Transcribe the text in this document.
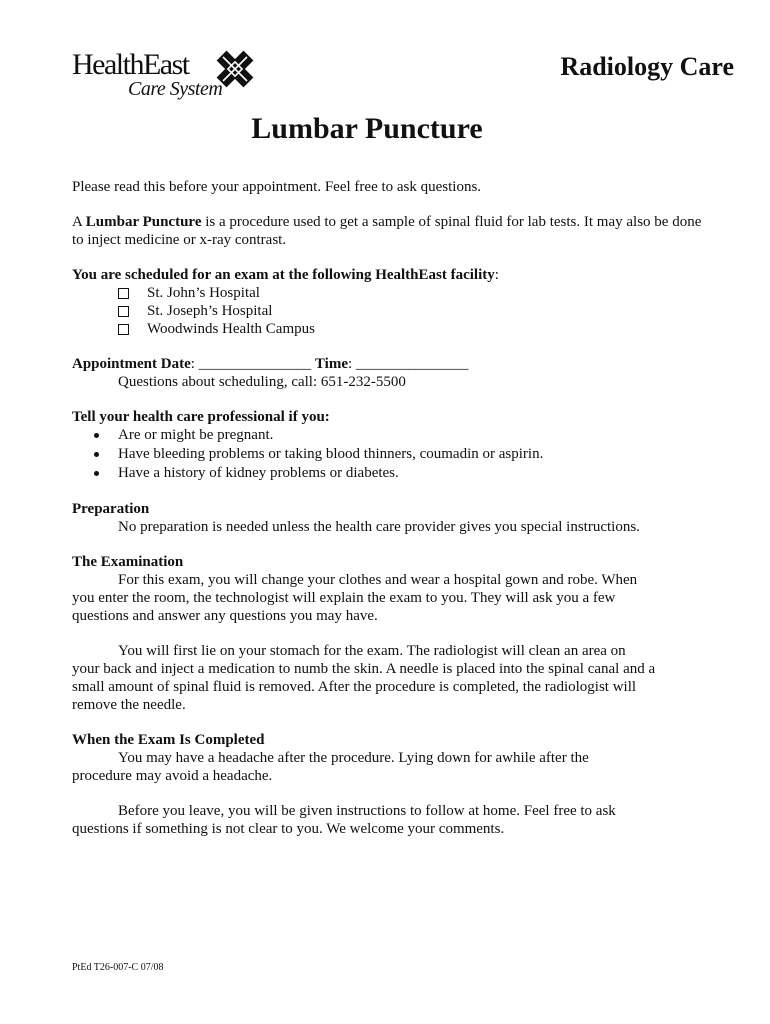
HealthEast
Care System
Radiology Care
Lumbar Puncture

Please read this before your appointment. Feel free to ask questions.

A Lumbar Puncture is a procedure used to get a sample of spinal fluid for lab tests. It may also be done

to inject medicine or x-ray contrast.

You are scheduled for an exam at the following HealthEast facility:

St. John’s Hospital
St. Joseph’s Hospital
Woodwinds Health Campus

Appointment Date: _______________ Time: _______________

Questions about scheduling, call: 651-232-5500

Tell your health care professional if you:

Are or might be pregnant.
Have bleeding problems or taking blood thinners, coumadin or aspirin.
Have a history of kidney problems or diabetes.

Preparation

No preparation is needed unless the health care provider gives you special instructions.

The Examination

For this exam, you will change your clothes and wear a hospital gown and robe. When

you enter the room, the technologist will explain the exam to you. They will ask you a few

questions and answer any questions you may have.

You will first lie on your stomach for the exam. The radiologist will clean an area on

your back and inject a medication to numb the skin. A needle is placed into the spinal canal and a

small amount of spinal fluid is removed. After the procedure is completed, the radiologist will

remove the needle.

When the Exam Is Completed

You may have a headache after the procedure. Lying down for awhile after the

procedure may avoid a headache.

Before you leave, you will be given instructions to follow at home. Feel free to ask

questions if something is not clear to you. We welcome your comments.

PtEd T26-007-C 07/08
